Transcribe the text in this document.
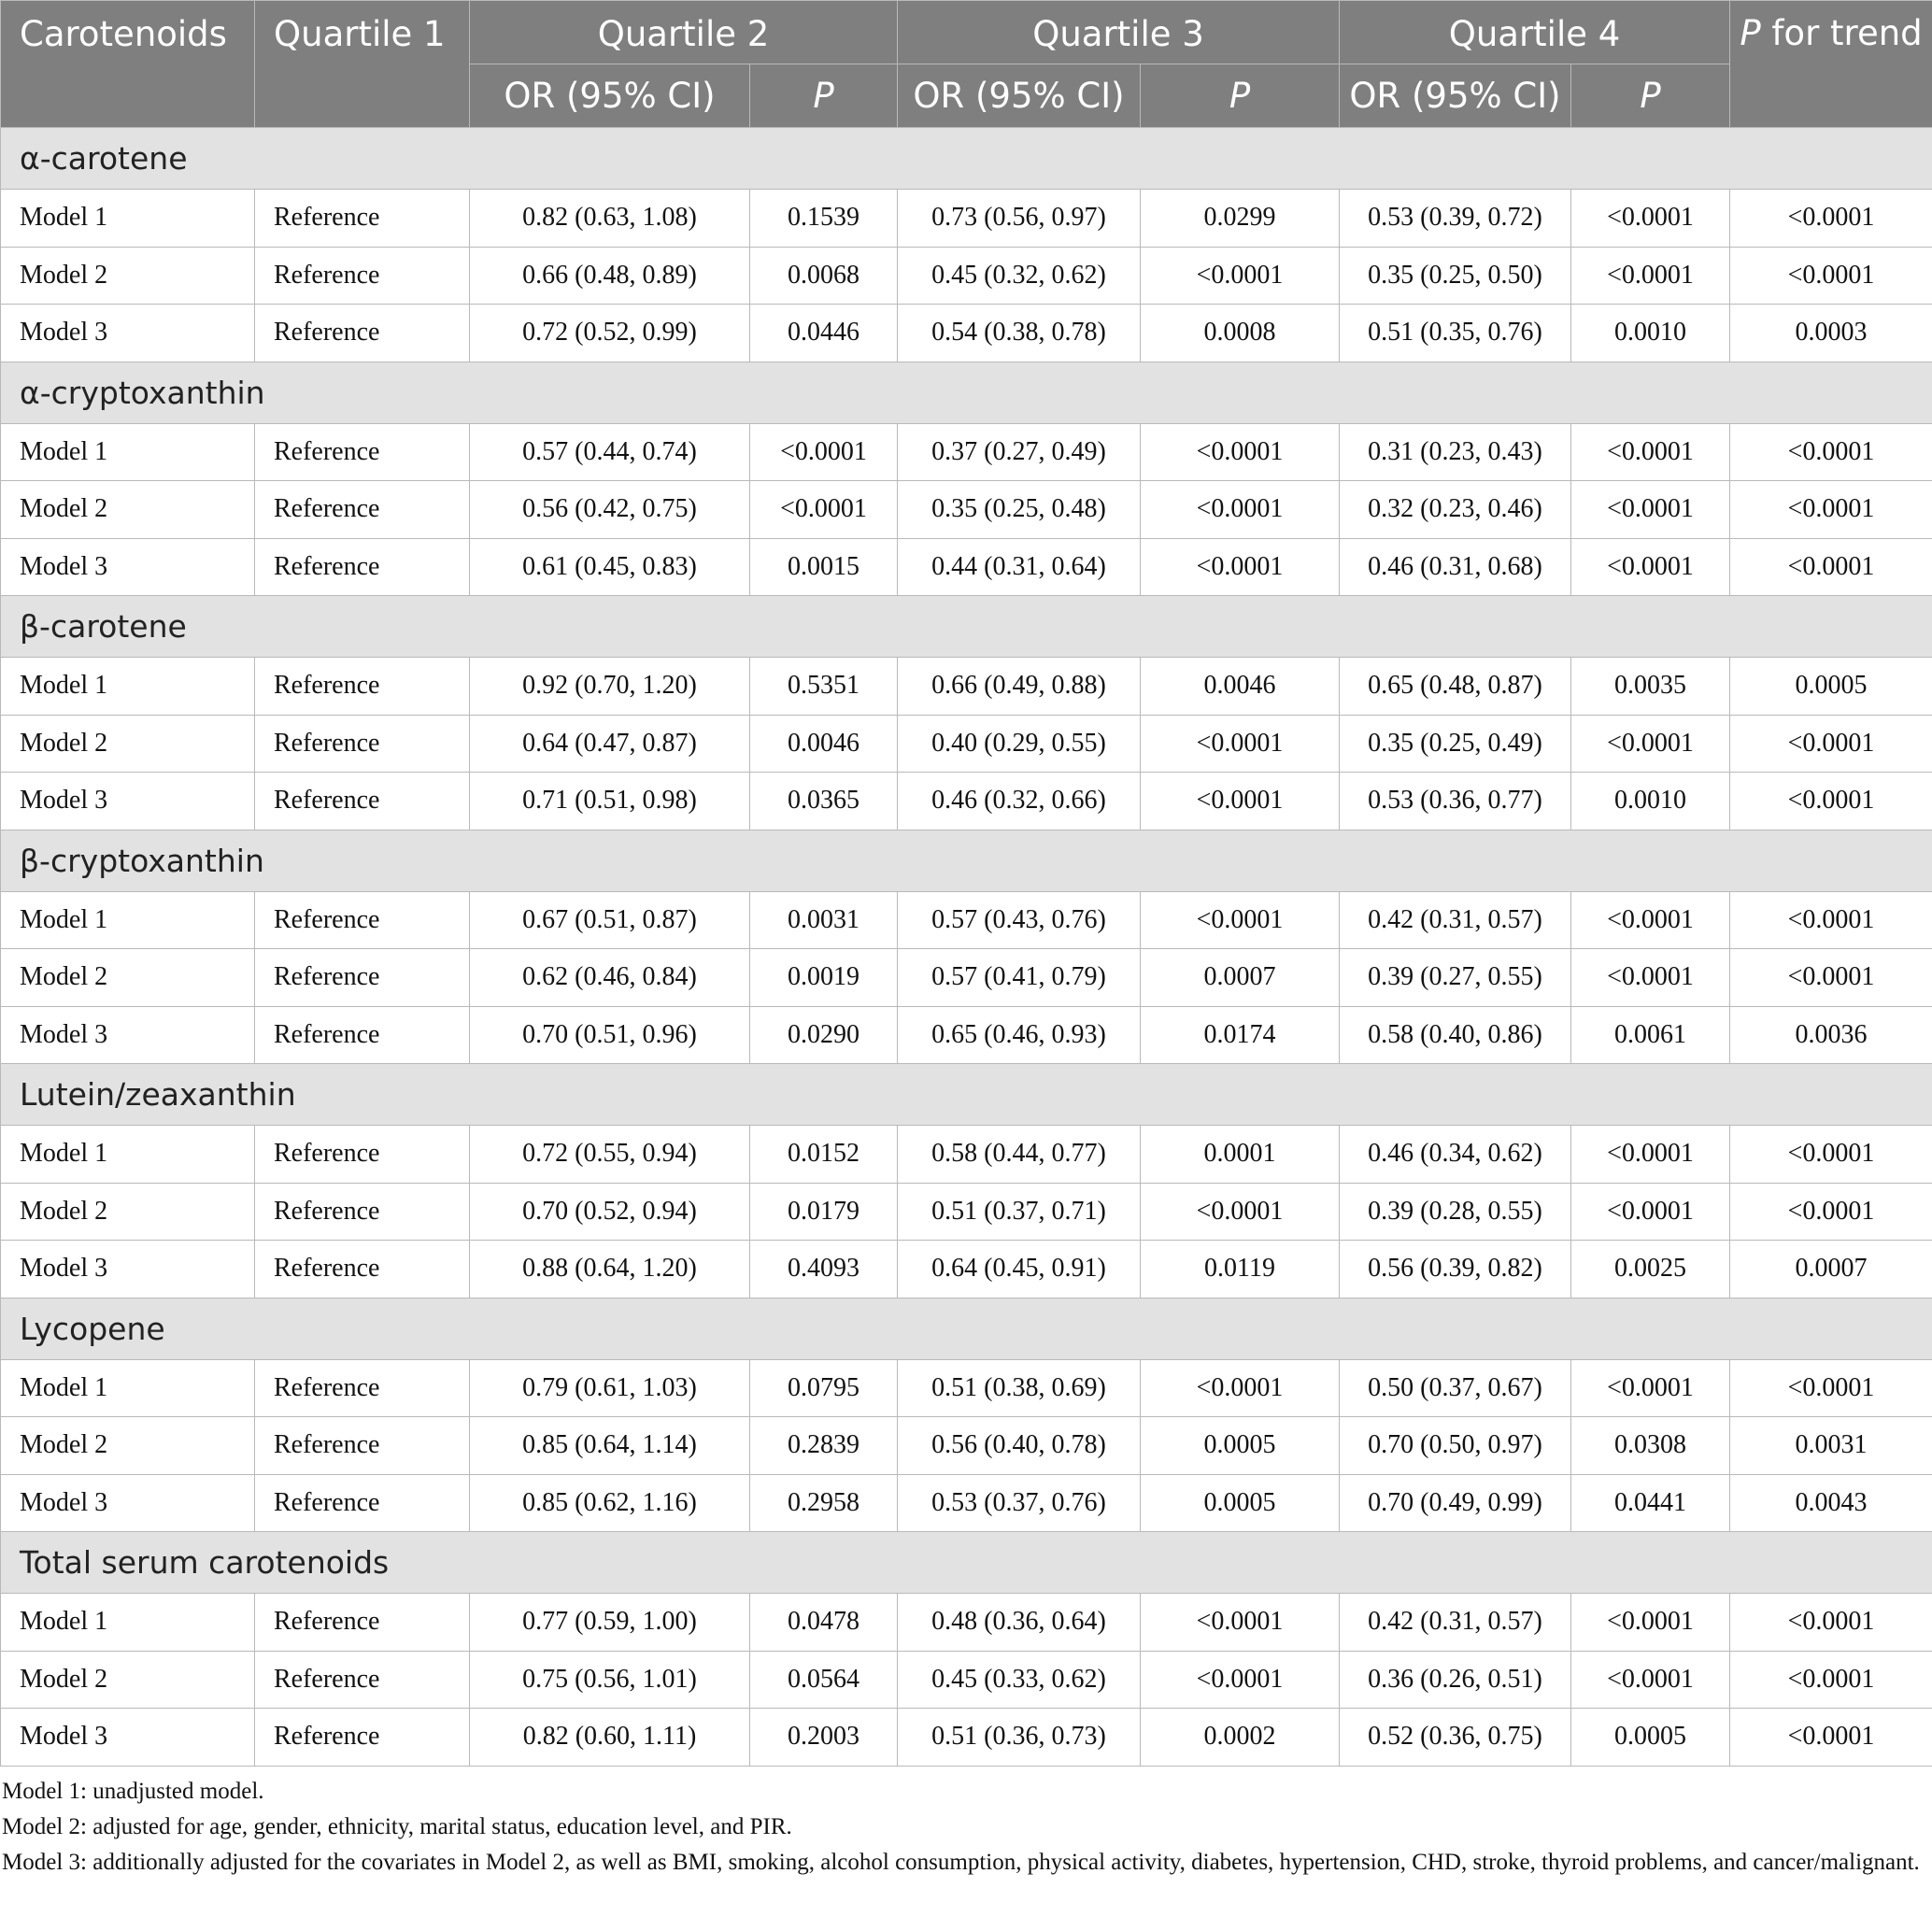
Carotenoids	Quartile 1	Quartile 2		Quartile 3		Quartile 4		P for trend
		OR (95% CI)	P	OR (95% CI)	P	OR (95% CI)	P	
α-carotene								
Model 1	Reference	0.82 (0.63, 1.08)	0.1539	0.73 (0.56, 0.97)	0.0299	0.53 (0.39, 0.72)	<0.0001	<0.0001
Model 2	Reference	0.66 (0.48, 0.89)	0.0068	0.45 (0.32, 0.62)	<0.0001	0.35 (0.25, 0.50)	<0.0001	<0.0001
Model 3	Reference	0.72 (0.52, 0.99)	0.0446	0.54 (0.38, 0.78)	0.0008	0.51 (0.35, 0.76)	0.0010	0.0003
α-cryptoxanthin								
Model 1	Reference	0.57 (0.44, 0.74)	<0.0001	0.37 (0.27, 0.49)	<0.0001	0.31 (0.23, 0.43)	<0.0001	<0.0001
Model 2	Reference	0.56 (0.42, 0.75)	<0.0001	0.35 (0.25, 0.48)	<0.0001	0.32 (0.23, 0.46)	<0.0001	<0.0001
Model 3	Reference	0.61 (0.45, 0.83)	0.0015	0.44 (0.31, 0.64)	<0.0001	0.46 (0.31, 0.68)	<0.0001	<0.0001
β-carotene								
Model 1	Reference	0.92 (0.70, 1.20)	0.5351	0.66 (0.49, 0.88)	0.0046	0.65 (0.48, 0.87)	0.0035	0.0005
Model 2	Reference	0.64 (0.47, 0.87)	0.0046	0.40 (0.29, 0.55)	<0.0001	0.35 (0.25, 0.49)	<0.0001	<0.0001
Model 3	Reference	0.71 (0.51, 0.98)	0.0365	0.46 (0.32, 0.66)	<0.0001	0.53 (0.36, 0.77)	0.0010	<0.0001
β-cryptoxanthin								
Model 1	Reference	0.67 (0.51, 0.87)	0.0031	0.57 (0.43, 0.76)	<0.0001	0.42 (0.31, 0.57)	<0.0001	<0.0001
Model 2	Reference	0.62 (0.46, 0.84)	0.0019	0.57 (0.41, 0.79)	0.0007	0.39 (0.27, 0.55)	<0.0001	<0.0001
Model 3	Reference	0.70 (0.51, 0.96)	0.0290	0.65 (0.46, 0.93)	0.0174	0.58 (0.40, 0.86)	0.0061	0.0036
Lutein/zeaxanthin								
Model 1	Reference	0.72 (0.55, 0.94)	0.0152	0.58 (0.44, 0.77)	0.0001	0.46 (0.34, 0.62)	<0.0001	<0.0001
Model 2	Reference	0.70 (0.52, 0.94)	0.0179	0.51 (0.37, 0.71)	<0.0001	0.39 (0.28, 0.55)	<0.0001	<0.0001
Model 3	Reference	0.88 (0.64, 1.20)	0.4093	0.64 (0.45, 0.91)	0.0119	0.56 (0.39, 0.82)	0.0025	0.0007
Lycopene								
Model 1	Reference	0.79 (0.61, 1.03)	0.0795	0.51 (0.38, 0.69)	<0.0001	0.50 (0.37, 0.67)	<0.0001	<0.0001
Model 2	Reference	0.85 (0.64, 1.14)	0.2839	0.56 (0.40, 0.78)	0.0005	0.70 (0.50, 0.97)	0.0308	0.0031
Model 3	Reference	0.85 (0.62, 1.16)	0.2958	0.53 (0.37, 0.76)	0.0005	0.70 (0.49, 0.99)	0.0441	0.0043
Total serum carotenoids								
Model 1	Reference	0.77 (0.59, 1.00)	0.0478	0.48 (0.36, 0.64)	<0.0001	0.42 (0.31, 0.57)	<0.0001	<0.0001
Model 2	Reference	0.75 (0.56, 1.01)	0.0564	0.45 (0.33, 0.62)	<0.0001	0.36 (0.26, 0.51)	<0.0001	<0.0001
Model 3	Reference	0.82 (0.60, 1.11)	0.2003	0.51 (0.36, 0.73)	0.0002	0.52 (0.36, 0.75)	0.0005	<0.0001
Model 1: unadjusted model.
Model 2: adjusted for age, gender, ethnicity, marital status, education level, and PIR.
Model 3: additionally adjusted for the covariates in Model 2, as well as BMI, smoking, alcohol consumption, physical activity, diabetes, hypertension, CHD, stroke, thyroid problems, and cancer/malignant.
